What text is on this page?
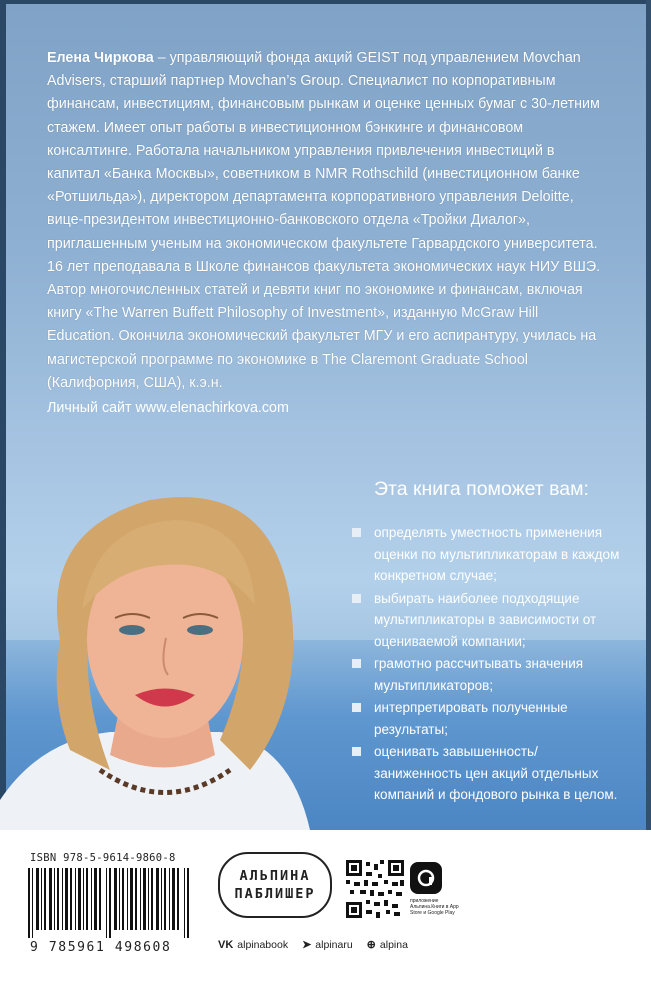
Елена Чиркова – управляющий фонда акций GEIST под управлением Movchan Advisers, старший партнер Movchan’s Group. Специалист по корпоративным финансам, инвестициям, финансовым рынкам и оценке ценных бумаг с 30-летним стажем. Имеет опыт работы в инвестиционном бэнкинге и финансовом консалтинге. Работала начальником управления привлечения инвестиций в капитал «Банка Москвы», советником в NMR Rothschild (инвестиционном банке «Ротшильда»), директором департамента корпоративного управления Deloitte, вице-президентом инвестиционно-банковского отдела «Тройки Диалог», приглашенным ученым на экономическом факультете Гарвардского университета. 16 лет преподавала в Школе финансов факультета экономических наук НИУ ВШЭ. Автор многочисленных статей и девяти книг по экономике и финансам, включая книгу «The Warren Buffett Philosophy of Investment», изданную McGraw Hill Education. Окончила экономический факультет МГУ и его аспирантуру, училась на магистерской программе по экономике в The Claremont Graduate School (Калифорния, США), к.э.н.
Личный сайт www.elenachirkova.com
Эта книга поможет вам:
определять уместность применения оценки по мультипликаторам в каждом конкретном случае;
выбирать наиболее подходящие мультипликаторы в зависимости от оцениваемой компании;
грамотно рассчитывать значения мультипликаторов;
интерпретировать полученные результаты;
оценивать завышенность/заниженность цен акций отдельных компаний и фондового рынка в целом.
ISBN 978-5-9614-9860-8
9 785961 498608
АЛЬПИНА
ПАБЛИШЕР	приложение Альпина.Книги в App Store и Google Play
VK alpinabook ➤ alpinaru ⊕ alpina
